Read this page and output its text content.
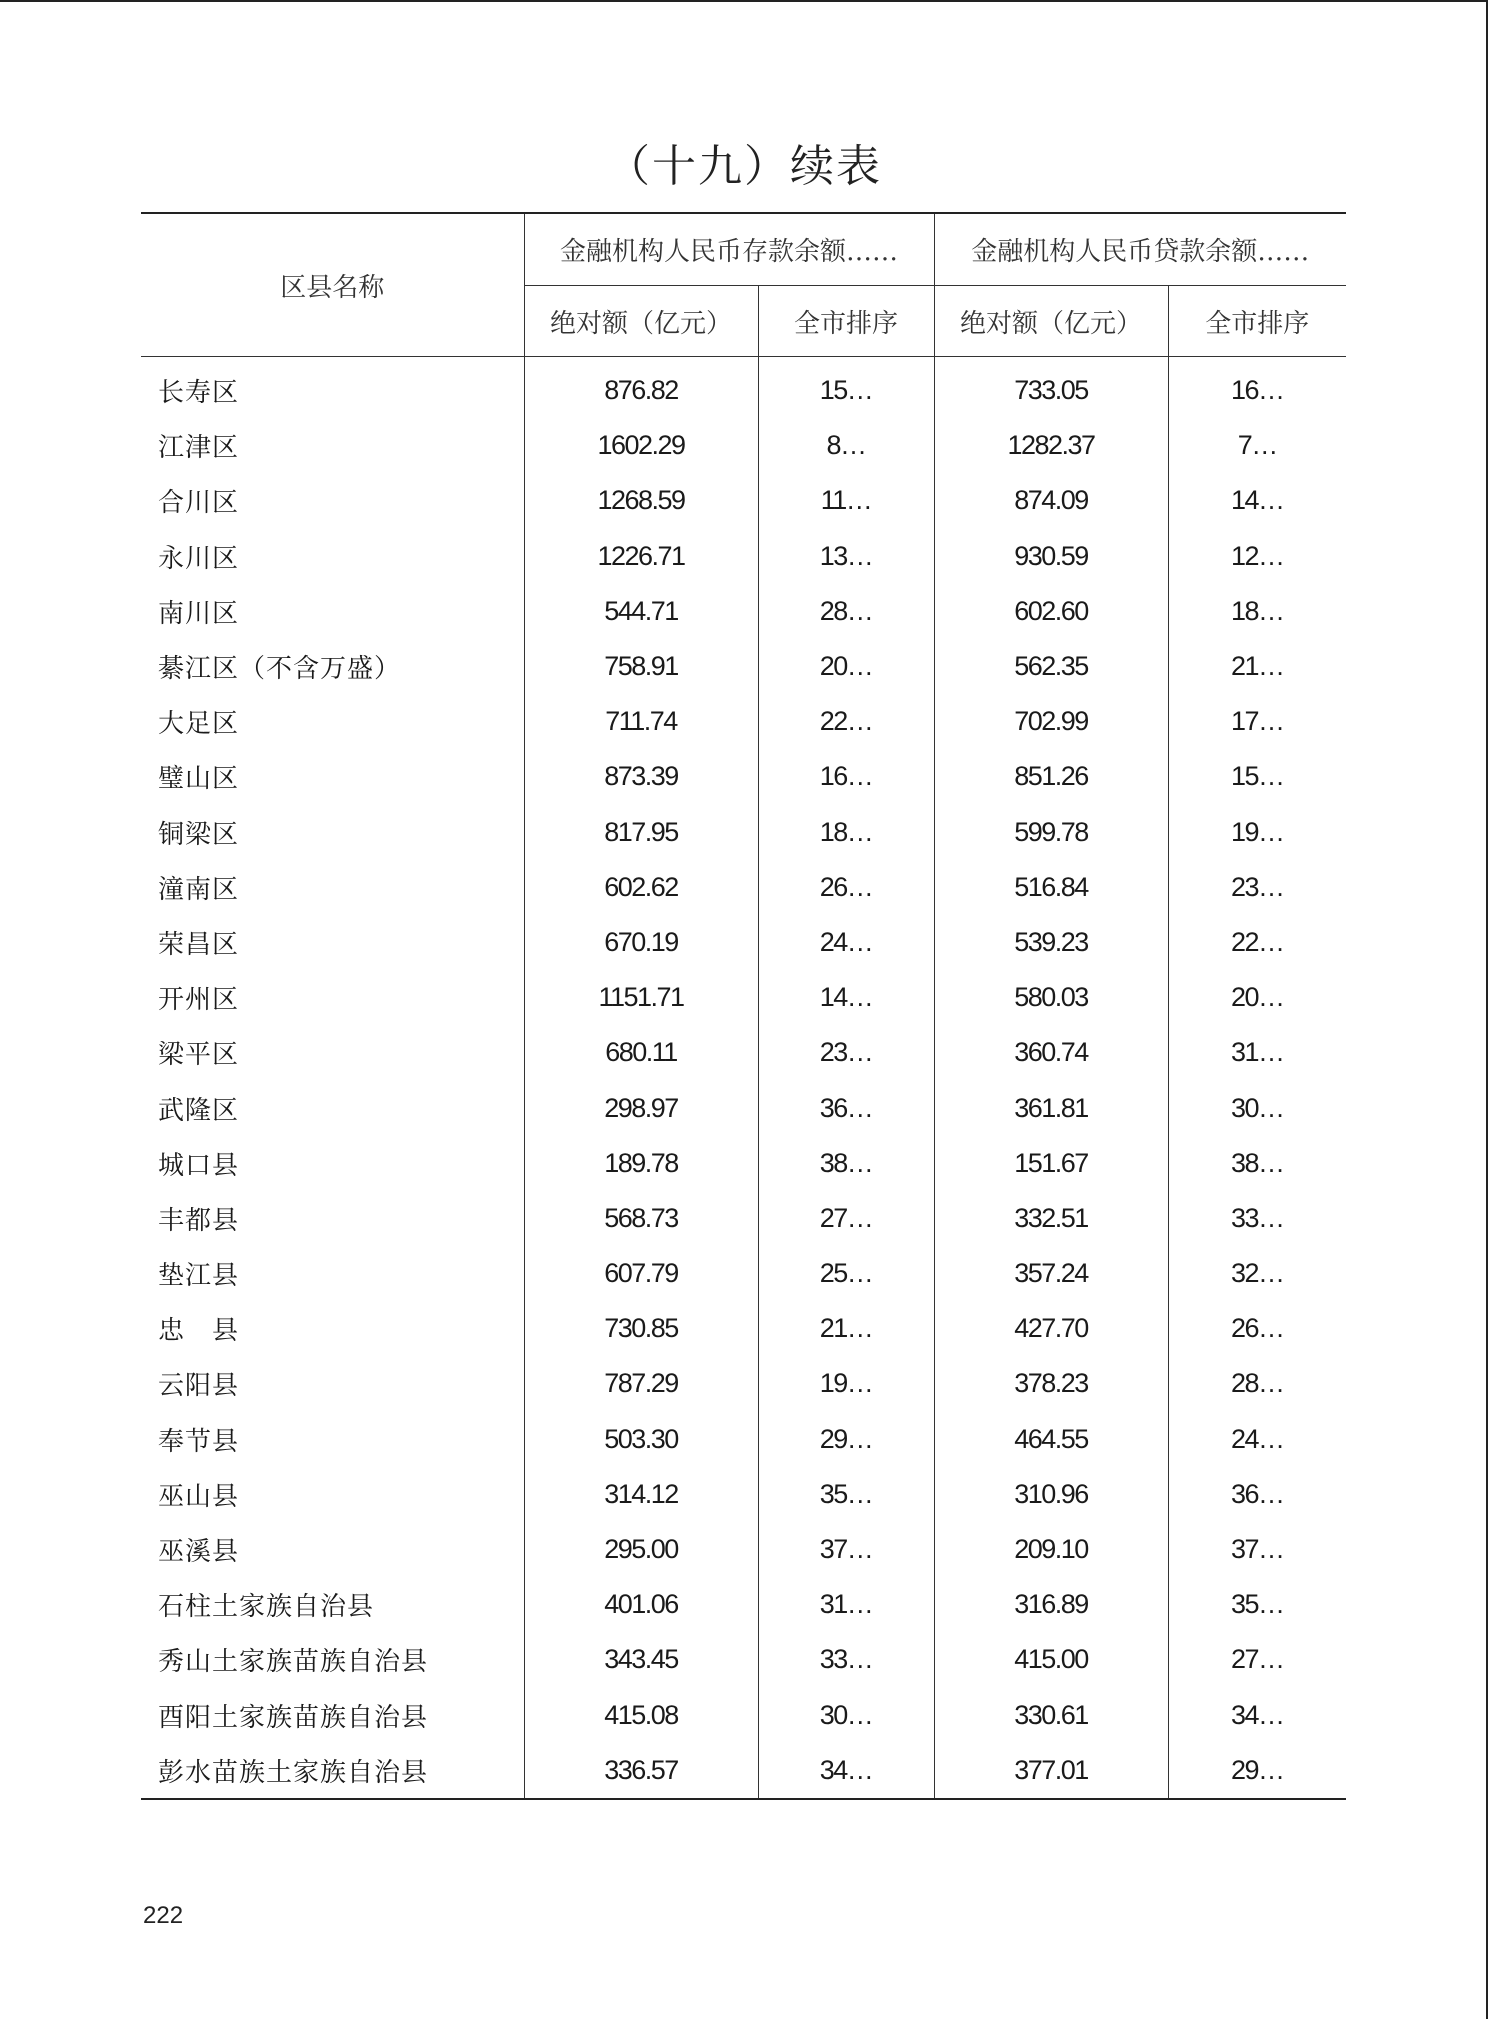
（十九）续表
区县名称	金融机构人民币存款余额……		金融机构人民币贷款余额……	
	绝对额（亿元）	全市排序	绝对额（亿元）	全市排序
长寿区	876.82	15…	733.05	16…
江津区	1602.29	8…	1282.37	7…
合川区	1268.59	11…	874.09	14…
永川区	1226.71	13…	930.59	12…
南川区	544.71	28…	602.60	18…
綦江区（不含万盛）	758.91	20…	562.35	21…
大足区	711.74	22…	702.99	17…
璧山区	873.39	16…	851.26	15…
铜梁区	817.95	18…	599.78	19…
潼南区	602.62	26…	516.84	23…
荣昌区	670.19	24…	539.23	22…
开州区	1151.71	14…	580.03	20…
梁平区	680.11	23…	360.74	31…
武隆区	298.97	36…	361.81	30…
城口县	189.78	38…	151.67	38…
丰都县	568.73	27…	332.51	33…
垫江县	607.79	25…	357.24	32…
忠　县	730.85	21…	427.70	26…
云阳县	787.29	19…	378.23	28…
奉节县	503.30	29…	464.55	24…
巫山县	314.12	35…	310.96	36…
巫溪县	295.00	37…	209.10	37…
石柱土家族自治县	401.06	31…	316.89	35…
秀山土家族苗族自治县	343.45	33…	415.00	27…
酉阳土家族苗族自治县	415.08	30…	330.61	34…
彭水苗族土家族自治县	336.57	34…	377.01	29…
222
